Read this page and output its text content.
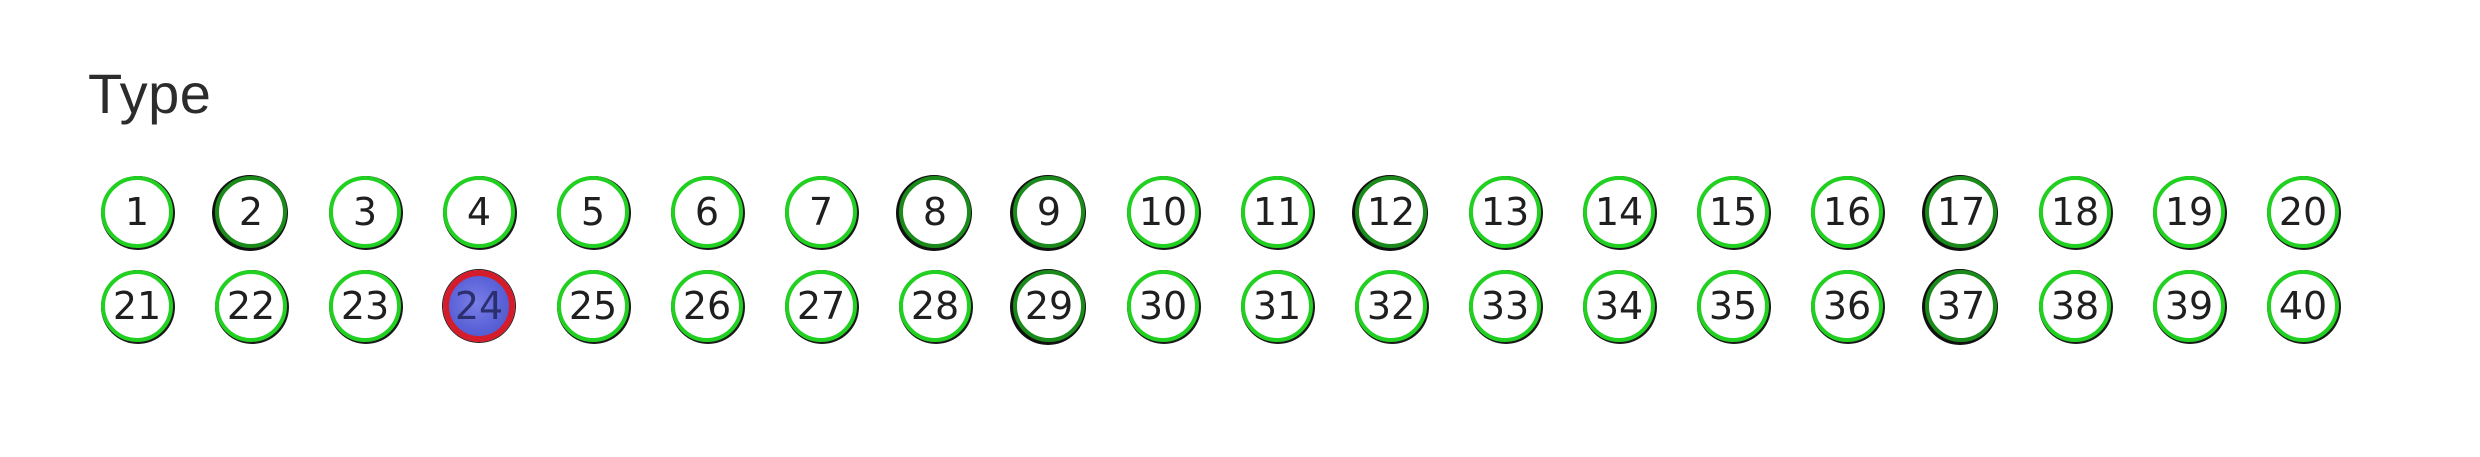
Type
1	2	3	4	5	6	7	8	9	10	11	12	13	14	15	16	17	18	19	20
21	22	23	24	25	26	27	28	29	30	31	32	33	34	35	36	37	38	39	40
